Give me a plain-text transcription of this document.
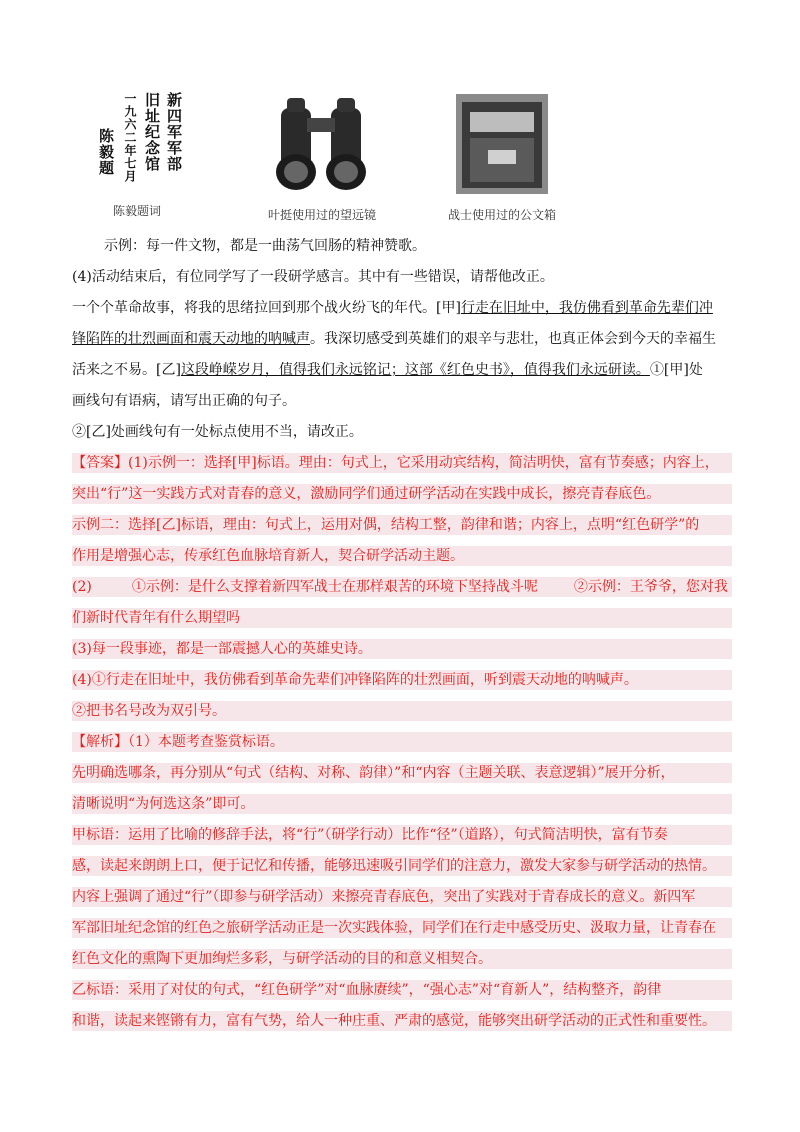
新四军军部
旧址纪念馆
一九六二年七月
陈毅题
陈毅题词	叶挺使用过的望远镜	战士使用过的公文箱
示例：每一件文物，都是一曲荡气回肠的精神赞歌。
(4)活动结束后，有位同学写了一段研学感言。其中有一些错误，请帮他改正。
一个个革命故事，将我的思绪拉回到那个战火纷飞的年代。[甲]行走在旧址中，我仿佛看到革命先辈们冲
锋陷阵的壮烈画面和震天动地的呐喊声。我深切感受到英雄们的艰辛与悲壮，也真正体会到今天的幸福生
活来之不易。[乙]这段峥嵘岁月，值得我们永远铭记；这部《红色史书》，值得我们永远研读。①[甲]处
画线句有语病，请写出正确的句子。
②[乙]处画线句有一处标点使用不当，请改正。
【答案】(1)示例一：选择[甲]标语。理由：句式上，它采用动宾结构，简洁明快，富有节奏感；内容上，
突出“行”这一实践方式对青春的意义，激励同学们通过研学活动在实践中成长，擦亮青春底色。
示例二：选择[乙]标语，理由：句式上，运用对偶，结构工整，韵律和谐；内容上，点明“红色研学”的
作用是增强心志，传承红色血脉培育新人，契合研学活动主题。
(2)	①示例：是什么支撑着新四军战士在那样艰苦的环境下坚持战斗呢	②示例：王爷爷，您对我
们新时代青年有什么期望吗
(3)每一段事迹，都是一部震撼人心的英雄史诗。
(4)①行走在旧址中，我仿佛看到革命先辈们冲锋陷阵的壮烈画面，听到震天动地的呐喊声。
②把书名号改为双引号。
【解析】（1）本题考查鉴赏标语。
先明确选哪条，再分别从“句式（结构、对称、韵律）”和“内容（主题关联、表意逻辑）”展开分析，
清晰说明“为何选这条”即可。
甲标语：运用了比喻的修辞手法，将“行”（研学行动）比作“径”（道路），句式简洁明快，富有节奏
感，读起来朗朗上口，便于记忆和传播，能够迅速吸引同学们的注意力，激发大家参与研学活动的热情。
内容上强调了通过“行”（即参与研学活动）来擦亮青春底色，突出了实践对于青春成长的意义。新四军
军部旧址纪念馆的红色之旅研学活动正是一次实践体验，同学们在行走中感受历史、汲取力量，让青春在
红色文化的熏陶下更加绚烂多彩，与研学活动的目的和意义相契合。
乙标语：采用了对仗的句式，“红色研学”对“血脉赓续”，“强心志”对“育新人”，结构整齐，韵律
和谐，读起来铿锵有力，富有气势，给人一种庄重、严肃的感觉，能够突出研学活动的正式性和重要性。
